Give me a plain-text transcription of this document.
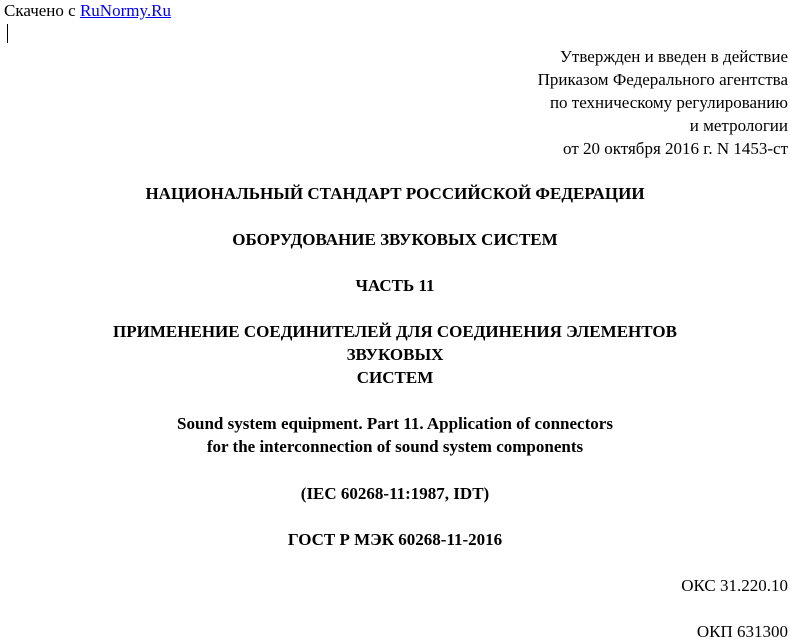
Скачено с RuNormy.Ru
Утвержден и введен в действие
Приказом Федерального агентства
по техническому регулированию
и метрологии
от 20 октября 2016 г. N 1453-ст
НАЦИОНАЛЬНЫЙ СТАНДАРТ РОССИЙСКОЙ ФЕДЕРАЦИИ
ОБОРУДОВАНИЕ ЗВУКОВЫХ СИСТЕМ
ЧАСТЬ 11
ПРИМЕНЕНИЕ СОЕДИНИТЕЛЕЙ ДЛЯ СОЕДИНЕНИЯ ЭЛЕМЕНТОВ
ЗВУКОВЫХ
СИСТЕМ
Sound system equipment. Part 11. Application of connectors
for the interconnection of sound system components
(IEC 60268-11:1987, IDT)
ГОСТ Р МЭК 60268-11-2016
ОКС 31.220.10
ОКП 631300
